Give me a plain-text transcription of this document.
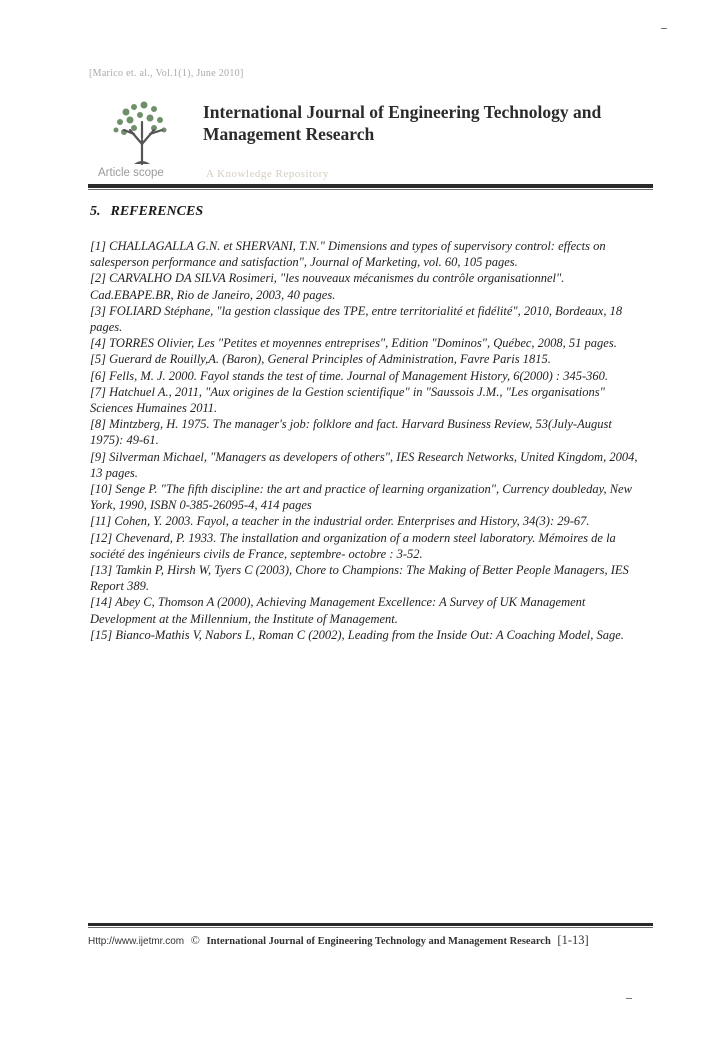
[Marico et. al., Vol.1(1), June 2010]
International Journal of Engineering Technology and Management Research
Article scope	A Knowledge Repository
5. REFERENCES
[1] CHALLAGALLA G.N. et SHERVANI, T.N." Dimensions and types of supervisory control: effects on salesperson performance and satisfaction", Journal of Marketing, vol. 60, 105 pages.
[2] CARVALHO DA SILVA Rosimeri, "les nouveaux mécanismes du contrôle organisationnel". Cad.EBAPE.BR, Rio de Janeiro, 2003, 40 pages.
[3] FOLIARD Stéphane, "la gestion classique des TPE, entre territorialité et fidélité", 2010, Bordeaux, 18 pages.
[4] TORRES Olivier, Les "Petites et moyennes entreprises", Edition "Dominos", Québec, 2008, 51 pages.
[5] Guerard de Rouilly,A. (Baron), General Principles of Administration, Favre Paris 1815.
[6] Fells, M. J. 2000. Fayol stands the test of time. Journal of Management History, 6(2000) : 345-360.
[7] Hatchuel A., 2011, "Aux origines de la Gestion scientifique" in "Saussois J.M., "Les organisations" Sciences Humaines 2011.
[8] Mintzberg, H. 1975. The manager's job: folklore and fact. Harvard Business Review, 53(July-August 1975): 49-61.
[9] Silverman Michael, "Managers as developers of others", IES Research Networks, United Kingdom, 2004, 13 pages.
[10] Senge P. "The fifth discipline: the art and practice of learning organization", Currency doubleday, New York, 1990, ISBN 0-385-26095-4, 414 pages
[11] Cohen, Y. 2003. Fayol, a teacher in the industrial order. Enterprises and History, 34(3): 29-67.
[12] Chevenard, P. 1933. The installation and organization of a modern steel laboratory. Mémoires de la société des ingénieurs civils de France, septembre- octobre : 3-52.
[13] Tamkin P, Hirsh W, Tyers C (2003), Chore to Champions: The Making of Better People Managers, IES Report 389.
[14] Abey C, Thomson A (2000), Achieving Management Excellence: A Survey of UK Management Development at the Millennium, the Institute of Management.
[15] Bianco-Mathis V, Nabors L, Roman C (2002), Leading from the Inside Out: A Coaching Model, Sage.
Http://www.ijetmr.com © International Journal of Engineering Technology and Management Research [1-13]
